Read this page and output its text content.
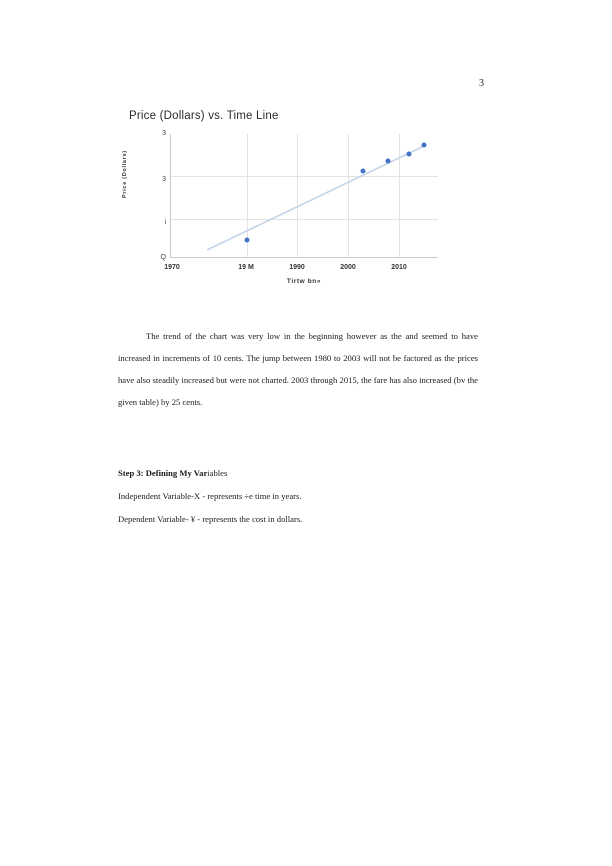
3
Price (Dollars) vs. Time Line
Price (Dollars)
3
3
i
Q
1970	19 M	1990	2000	2010
Tirtw bn»

The trend of the chart was very low in the beginning however as the and seemed to have increased in increments of 10 cents. The jump between 1980 to 2003 will not be factored as the prices have also steadily increased but were not charted. 2003 through 2015, the fare has also increased (bv the given table) by 25 cents.

Step 3: Defining My Variables

Independent Variable-X - represents ÷e time in years.

Dependent Variable- ¥ - represents the cost in dollars.
